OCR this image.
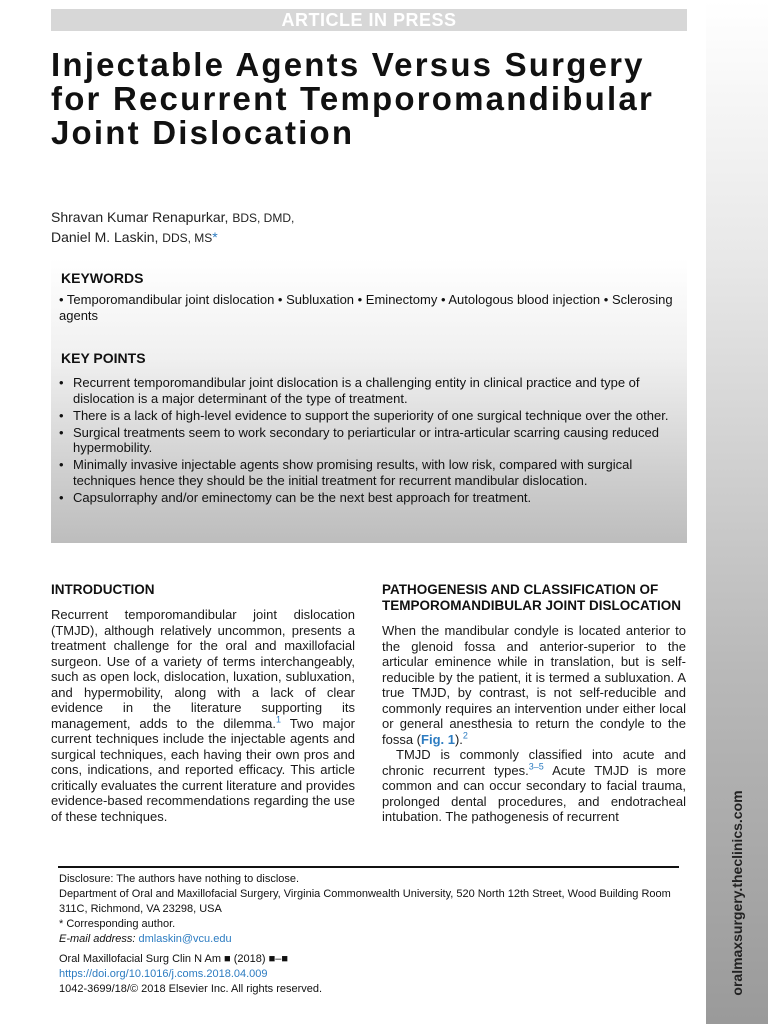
oralmaxsurgery.theclinics.com
ARTICLE IN PRESS
Injectable Agents Versus Surgery for Recurrent Temporomandibular Joint Dislocation
Shravan Kumar Renapurkar, BDS, DMD,
Daniel M. Laskin, DDS, MS*
KEYWORDS
• Temporomandibular joint dislocation • Subluxation • Eminectomy • Autologous blood injection • Sclerosing agents
KEY POINTS
• Recurrent temporomandibular joint dislocation is a challenging entity in clinical practice and type of dislocation is a major determinant of the type of treatment.
• There is a lack of high-level evidence to support the superiority of one surgical technique over the other.
• Surgical treatments seem to work secondary to periarticular or intra-articular scarring causing reduced hypermobility.
• Minimally invasive injectable agents show promising results, with low risk, compared with surgical techniques hence they should be the initial treatment for recurrent mandibular dislocation.
• Capsulorraphy and/or eminectomy can be the next best approach for treatment.
INTRODUCTION

Recurrent temporomandibular joint dislocation (TMJD), although relatively uncommon, presents a treatment challenge for the oral and maxillofacial surgeon. Use of a variety of terms interchangeably, such as open lock, dislocation, luxation, subluxation, and hypermobility, along with a lack of clear evidence in the literature supporting its management, adds to the dilemma.$^1$ Two major current techniques include the injectable agents and surgical techniques, each having their own pros and cons, indications, and reported efficacy. This article critically evaluates the current literature and provides evidence-based recommendations regarding the use of these techniques.

PATHOGENESIS AND CLASSIFICATION OF TEMPOROMANDIBULAR JOINT DISLOCATION

When the mandibular condyle is located anterior to the glenoid fossa and anterior-superior to the articular eminence while in translation, but is self-reducible by the patient, it is termed a subluxation. A true TMJD, by contrast, is not self-reducible and commonly requires an intervention under either local or general anesthesia to return the condyle to the fossa (Fig. 1).$^2$
TMJD is commonly classified into acute and chronic recurrent types.$^{3-5}$ Acute TMJD is more common and can occur secondary to facial trauma, prolonged dental procedures, and endotracheal intubation. The pathogenesis of recurrent

Disclosure: The authors have nothing to disclose.
Department of Oral and Maxillofacial Surgery, Virginia Commonwealth University, 520 North 12th Street, Wood Building Room 311C, Richmond, VA 23298, USA
* Corresponding author.
E-mail address: dmlaskin@vcu.edu
Oral Maxillofacial Surg Clin N Am ■ (2018) ■–■
https://doi.org/10.1016/j.coms.2018.04.009
1042-3699/18/© 2018 Elsevier Inc. All rights reserved.
